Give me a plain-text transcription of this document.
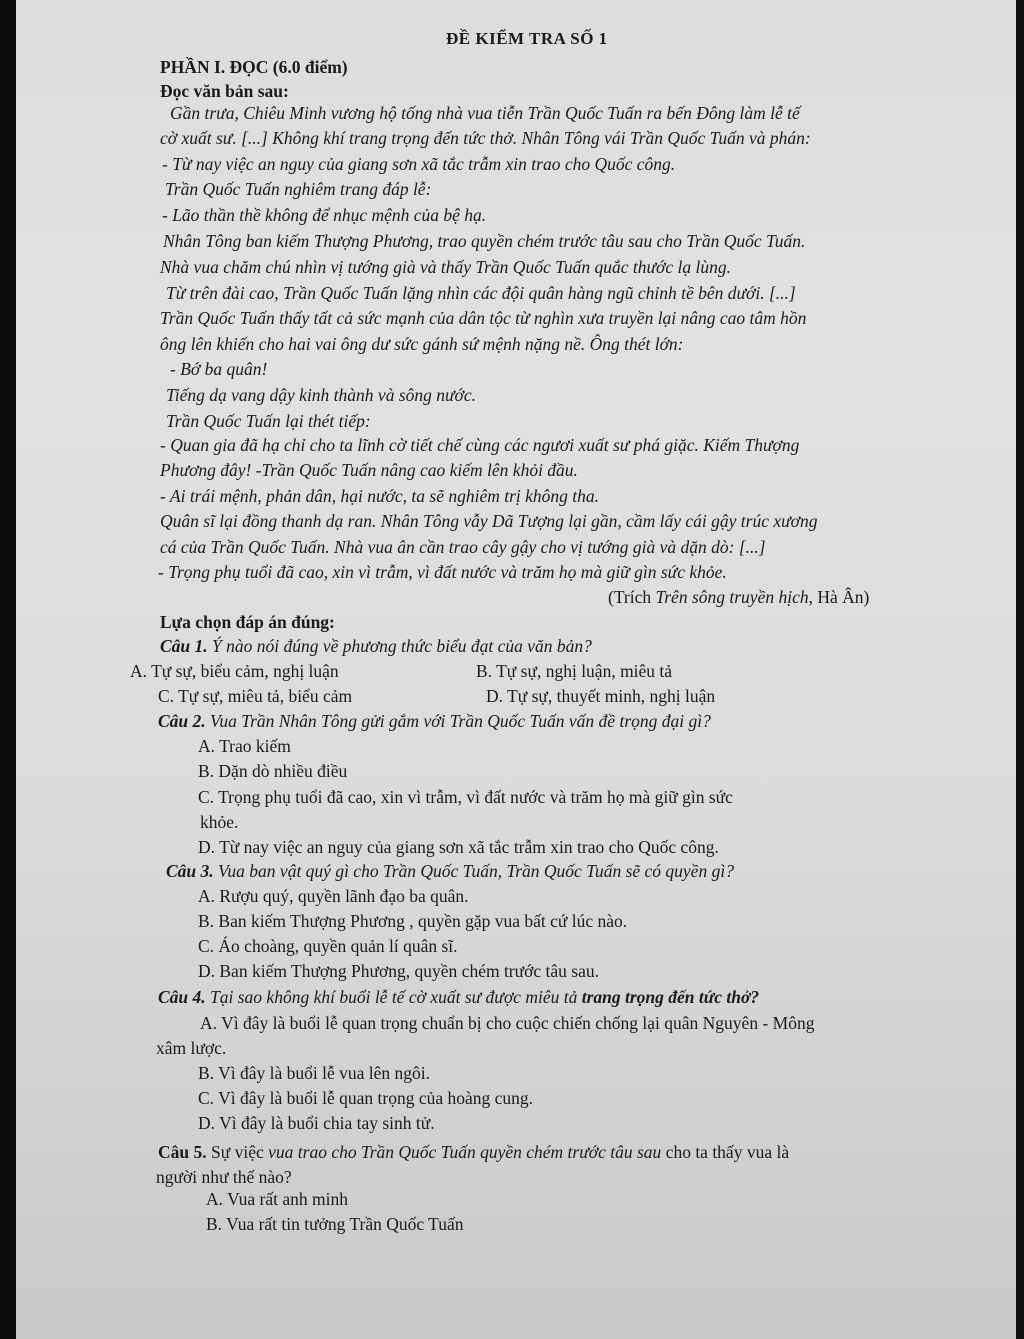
ĐỀ KIỂM TRA SỐ 1
PHẦN I. ĐỌC (6.0 điểm)
Đọc văn bản sau:
Gần trưa, Chiêu Minh vương hộ tống nhà vua tiễn Trần Quốc Tuấn ra bến Đông làm lễ tế
cờ xuất sư. [...] Không khí trang trọng đến tức thở. Nhân Tông vái Trần Quốc Tuấn và phán:
- Từ nay việc an nguy của giang sơn xã tắc trẫm xin trao cho Quốc công.
Trần Quốc Tuấn nghiêm trang đáp lễ:
- Lão thần thề không để nhục mệnh của bệ hạ.
Nhân Tông ban kiếm Thượng Phương, trao quyền chém trước tâu sau cho Trần Quốc Tuấn.
Nhà vua chăm chú nhìn vị tướng già và thấy Trần Quốc Tuấn quắc thước lạ lùng.
Từ trên đài cao, Trần Quốc Tuấn lặng nhìn các đội quân hàng ngũ chỉnh tề bên dưới. [...]
Trần Quốc Tuấn thấy tất cả sức mạnh của dân tộc từ nghìn xưa truyền lại nâng cao tâm hồn
ông lên khiến cho hai vai ông dư sức gánh sứ mệnh nặng nề. Ông thét lớn:
- Bớ ba quân!
Tiếng dạ vang dậy kinh thành và sông nước.
Trần Quốc Tuấn lại thét tiếp:
- Quan gia đã hạ chỉ cho ta lĩnh cờ tiết chế cùng các ngươi xuất sư phá giặc. Kiếm Thượng
Phương đây! -Trần Quốc Tuấn nâng cao kiếm lên khỏi đầu.
- Ai trái mệnh, phản dân, hại nước, ta sẽ nghiêm trị không tha.
Quân sĩ lại đồng thanh dạ ran. Nhân Tông vẫy Dã Tượng lại gần, cầm lấy cái gậy trúc xương
cá của Trần Quốc Tuấn. Nhà vua ân cần trao cây gậy cho vị tướng già và dặn dò: [...]
- Trọng phụ tuổi đã cao, xin vì trẫm, vì đất nước và trăm họ mà giữ gìn sức khỏe.
(Trích Trên sông truyền hịch, Hà Ân)
Lựa chọn đáp án đúng:
Câu 1. Ý nào nói đúng về phương thức biểu đạt của văn bản?
A. Tự sự, biểu cảm, nghị luận	B. Tự sự, nghị luận, miêu tả
C. Tự sự, miêu tả, biểu cảm	D. Tự sự, thuyết minh, nghị luận
Câu 2. Vua Trần Nhân Tông gửi gắm với Trần Quốc Tuấn vấn đề trọng đại gì?
A. Trao kiếm
B. Dặn dò nhiều điều
C. Trọng phụ tuổi đã cao, xin vì trẫm, vì đất nước và trăm họ mà giữ gìn sức
khỏe.
D. Từ nay việc an nguy của giang sơn xã tắc trẫm xin trao cho Quốc công.
Câu 3. Vua ban vật quý gì cho Trần Quốc Tuấn, Trần Quốc Tuấn sẽ có quyền gì?
A. Rượu quý, quyền lãnh đạo ba quân.
B. Ban kiếm Thượng Phương , quyền gặp vua bất cứ lúc nào.
C. Áo choàng, quyền quản lí quân sĩ.
D. Ban kiếm Thượng Phương, quyền chém trước tâu sau.
Câu 4. Tại sao không khí buổi lễ tế cờ xuất sư được miêu tả trang trọng đến tức thở?
A. Vì đây là buổi lễ quan trọng chuẩn bị cho cuộc chiến chống lại quân Nguyên - Mông
xâm lược.
B. Vì đây là buổi lễ vua lên ngôi.
C. Vì đây là buổi lễ quan trọng của hoàng cung.
D. Vì đây là buổi chia tay sinh tử.
Câu 5. Sự việc vua trao cho Trần Quốc Tuấn quyền chém trước tâu sau cho ta thấy vua là
người như thế nào?
A. Vua rất anh minh
B. Vua rất tin tưởng Trần Quốc Tuấn
